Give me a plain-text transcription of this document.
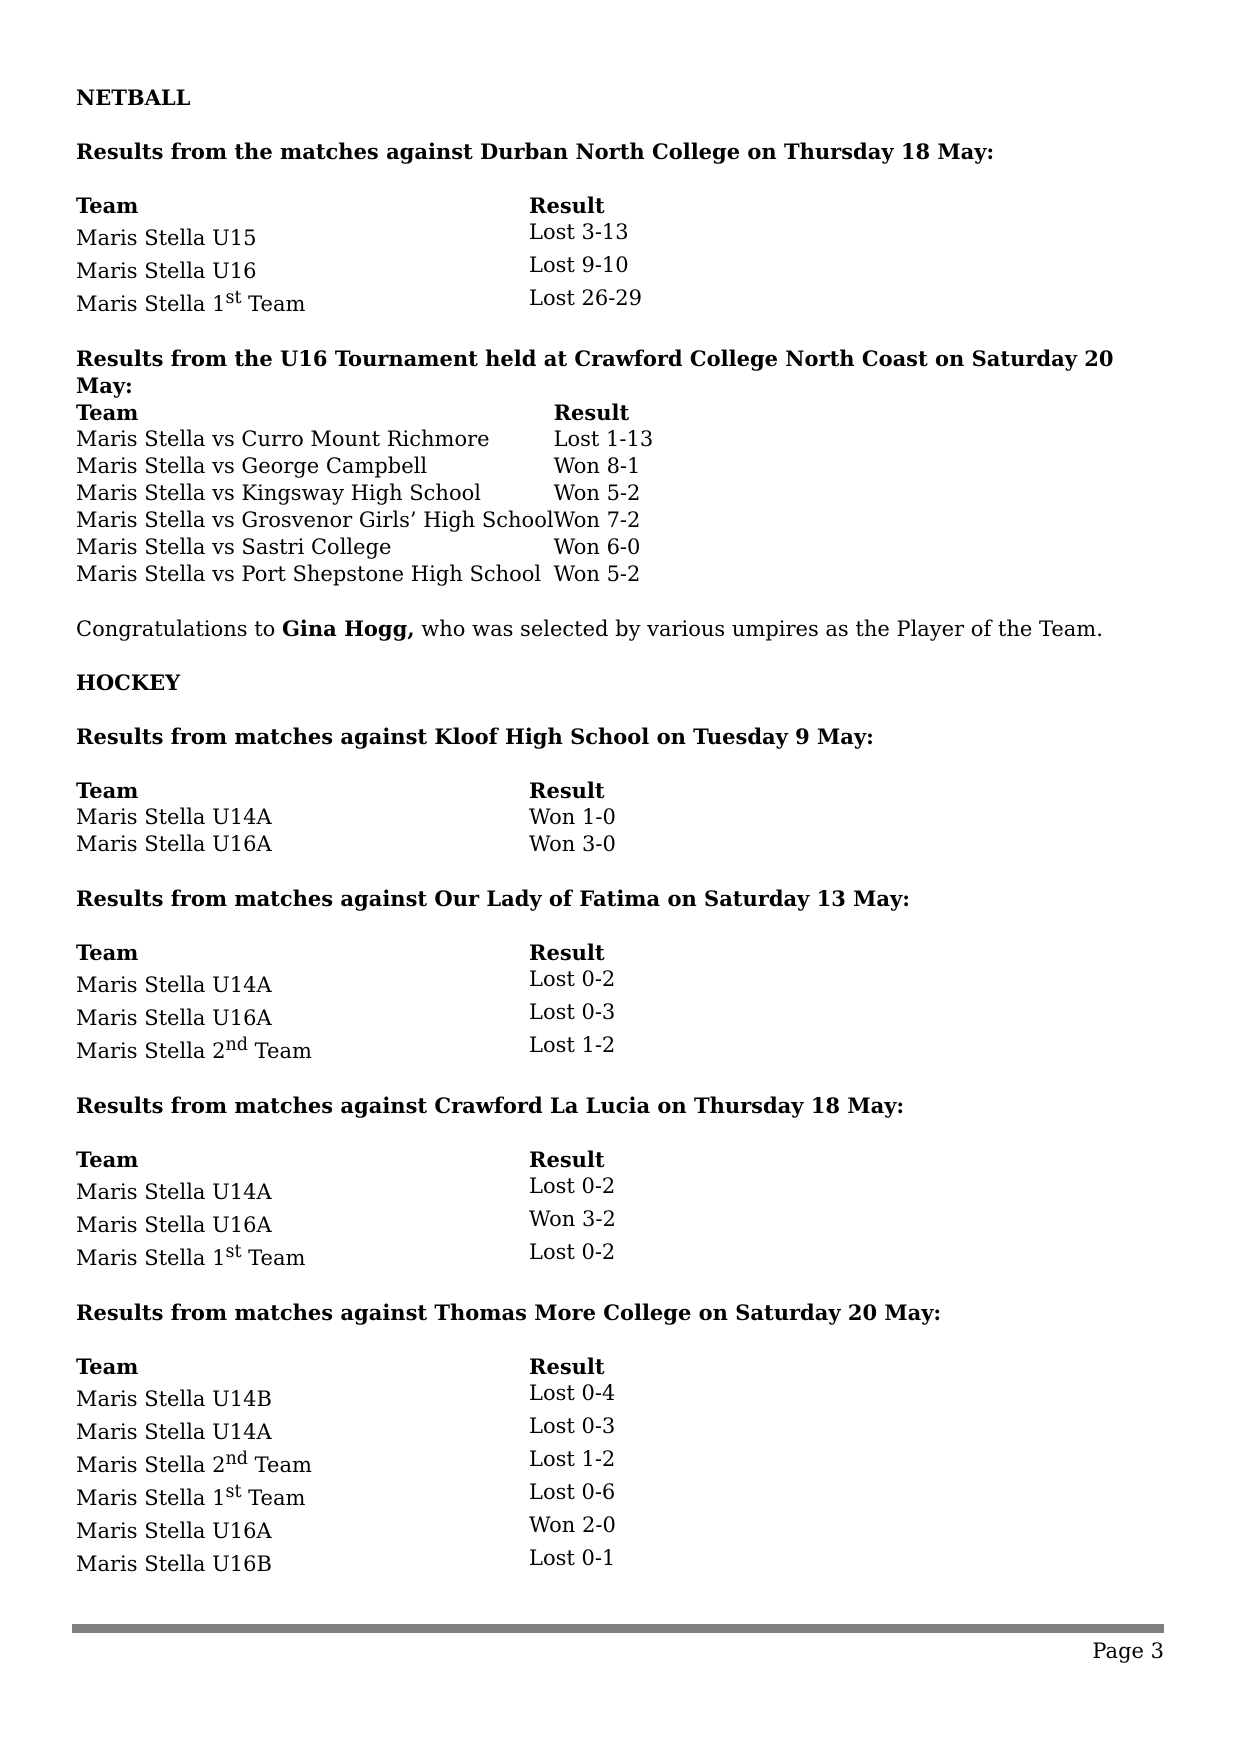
NETBALL
Results from the matches against Durban North College on Thursday 18 May:
Team	Result
Maris Stella U15	Lost 3-13
Maris Stella U16	Lost 9-10
Maris Stella 1st Team	Lost 26-29
Results from the U16 Tournament held at Crawford College North Coast on Saturday 20 May:
Team	Result
Maris Stella vs Curro Mount Richmore	Lost 1-13
Maris Stella vs George Campbell	Won 8-1
Maris Stella vs Kingsway High School	Won 5-2
Maris Stella vs Grosvenor Girls’ High School	Won 7-2
Maris Stella vs Sastri College	Won 6-0
Maris Stella vs Port Shepstone High School	Won 5-2
Congratulations to Gina Hogg, who was selected by various umpires as the Player of the Team.
HOCKEY
Results from matches against Kloof High School on Tuesday 9 May:
Team	Result
Maris Stella U14A	Won 1-0
Maris Stella U16A	Won 3-0
Results from matches against Our Lady of Fatima on Saturday 13 May:
Team	Result
Maris Stella U14A	Lost 0-2
Maris Stella U16A	Lost 0-3
Maris Stella 2nd Team	Lost 1-2
Results from matches against Crawford La Lucia on Thursday 18 May:
Team	Result
Maris Stella U14A	Lost 0-2
Maris Stella U16A	Won 3-2
Maris Stella 1st Team	Lost 0-2
Results from matches against Thomas More College on Saturday 20 May:
Team	Result
Maris Stella U14B	Lost 0-4
Maris Stella U14A	Lost 0-3
Maris Stella 2nd Team	Lost 1-2
Maris Stella 1st Team	Lost 0-6
Maris Stella U16A	Won 2-0
Maris Stella U16B	Lost 0-1
Page 3
